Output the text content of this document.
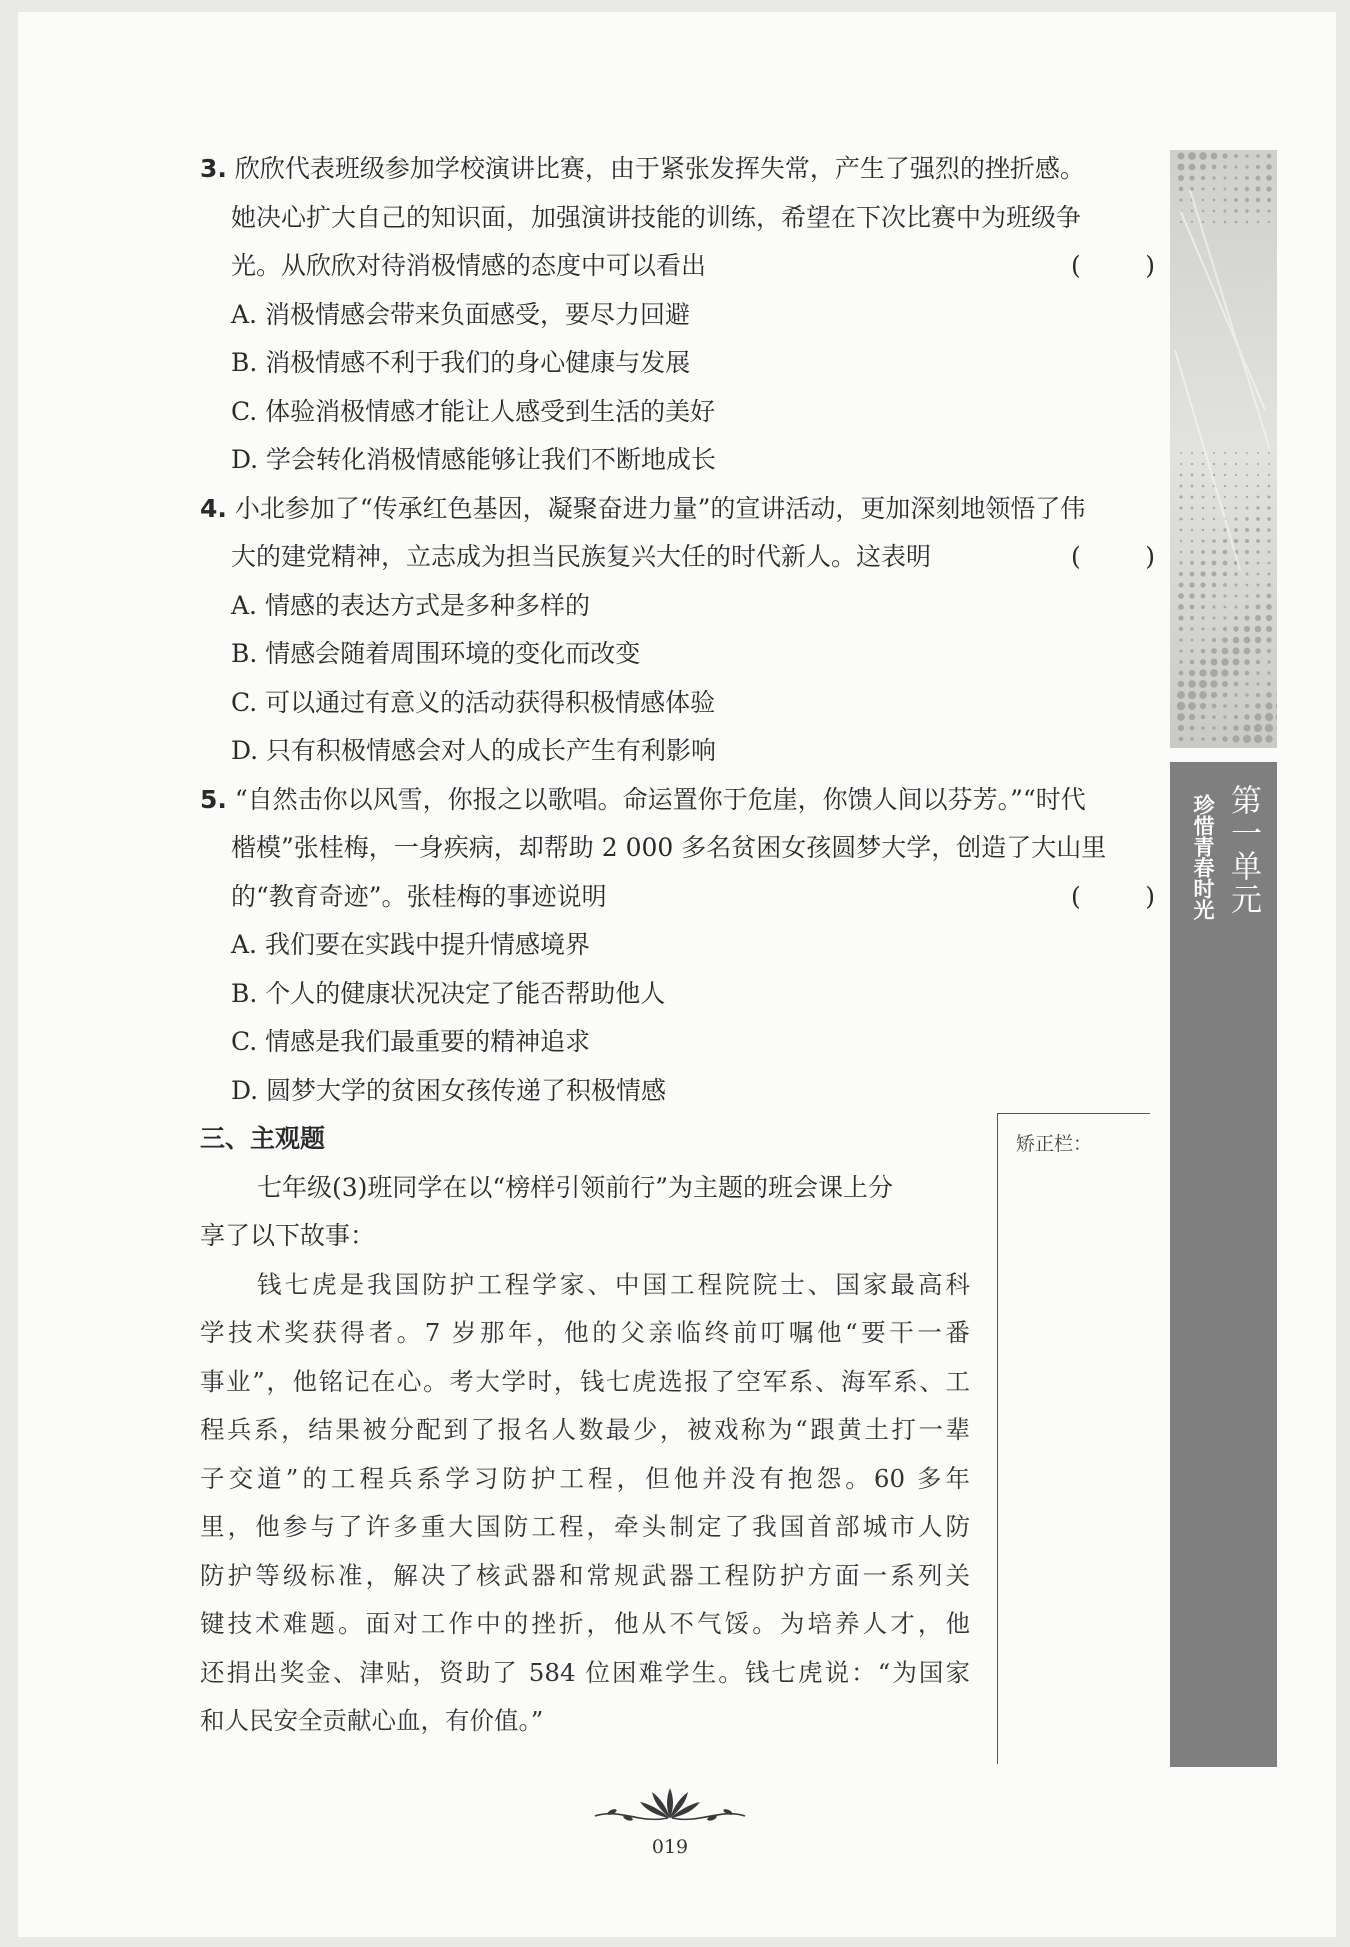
第一单元
珍惜青春时光
3. 欣欣代表班级参加学校演讲比赛，由于紧张发挥失常，产生了强烈的挫折感。
她决心扩大自己的知识面，加强演讲技能的训练，希望在下次比赛中为班级争
光。从欣欣对待消极情感的态度中可以看出	(	)
A. 消极情感会带来负面感受，要尽力回避
B. 消极情感不利于我们的身心健康与发展
C. 体验消极情感才能让人感受到生活的美好
D. 学会转化消极情感能够让我们不断地成长
4. 小北参加了“传承红色基因，凝聚奋进力量”的宣讲活动，更加深刻地领悟了伟
大的建党精神，立志成为担当民族复兴大任的时代新人。这表明	(	)
A. 情感的表达方式是多种多样的
B. 情感会随着周围环境的变化而改变
C. 可以通过有意义的活动获得积极情感体验
D. 只有积极情感会对人的成长产生有利影响
5. “自然击你以风雪，你报之以歌唱。命运置你于危崖，你馈人间以芬芳。”“时代
楷模”张桂梅，一身疾病，却帮助 2 000 多名贫困女孩圆梦大学，创造了大山里
的“教育奇迹”。张桂梅的事迹说明	(	)
A. 我们要在实践中提升情感境界
B. 个人的健康状况决定了能否帮助他人
C. 情感是我们最重要的精神追求
D. 圆梦大学的贫困女孩传递了积极情感
三、主观题
七年级(3)班同学在以“榜样引领前行”为主题的班会课上分
享了以下故事：
钱七虎是我国防护工程学家、中国工程院院士、国家最高科
学技术奖获得者。7 岁那年，他的父亲临终前叮嘱他“要干一番
事业”，他铭记在心。考大学时，钱七虎选报了空军系、海军系、工
程兵系，结果被分配到了报名人数最少，被戏称为“跟黄土打一辈
子交道”的工程兵系学习防护工程，但他并没有抱怨。60 多年
里，他参与了许多重大国防工程，牵头制定了我国首部城市人防
防护等级标准，解决了核武器和常规武器工程防护方面一系列关
键技术难题。面对工作中的挫折，他从不气馁。为培养人才，他
还捐出奖金、津贴，资助了 584 位困难学生。钱七虎说：“为国家
和人民安全贡献心血，有价值。”
矫正栏：
019
